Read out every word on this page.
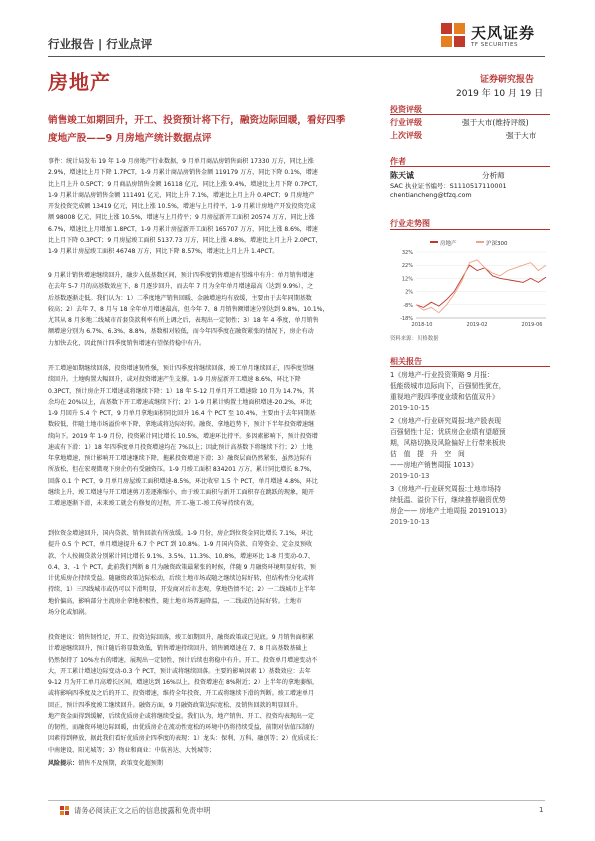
行业报告 | 行业点评
天风证券
TF SECURITIES
房地产	证券研究报告
2019 年 10 月 19 日
销售竣工如期回升，开工、投资预计将下行，融资边际回暖，看好四季
度地产股——9 月房地产统计数据点评
投资评级
行业评级	强于大市(维持评级)
上次评级	强于大市
作者
陈天诚	分析师
SAC 执业证书编号：S1110517110001
chentiancheng@tfzq.com
行业走势图
房地产	沪深300
32%
22%
12%
2%
-8%
-18%
2018-10	2019-02	2019-06
资料来源：贝格数据
相关报告
1《房地产-行业投资策略 9 月报：
低能级城市边际向下，百强韧性犹在，
重视地产股四季度业绩和估值双升》
2019-10-15
2《房地产-行业研究周报:地产股表现
百强韧性十足；优质房企业绩有望超预
期，风格切换及风险偏好上行带来板块
估　值　提　升　空　间
——房地产销售周报 1013》
2019-10-13
3《房地产-行业研究周报:土地市场持
续低温、溢价下行，继续推荐融资优势
房企—— 房地产土地周报 20191013》
2019-10-13
事件：统计局发布 19 年 1-9 月房地产行业数据，9 月单月商品房销售面积 17330 万方，同比上涨
2.9%，增速比上月下降 1.7PCT，1-9 月累计商品房销售金额 119179 万方，同比下降 0.1%，增速
比上月上升 0.5PCT；9 月商品房销售金额 16118 亿元，同比上涨 9.4%，增速比上月下降 0.7PCT，
1-9 月累计商品房销售金额 111491 亿元，同比上升 7.1%，增速比上月上升 0.4PCT；9 月房地产
开发投资完成额 13419 亿元，同比上涨 10.5%，增速与上月持平，1-9 月累计房地产开发投资完成
额 98008 亿元，同比上涨 10.5%，增速与上月持平；9 月房屋新开工面积 20574 万方，同比上涨
6.7%，增速比上月增加 1.8PCT，1-9 月累计房屋新开工面积 165707 万方，同比上涨 8.6%，增速
比上月下降 0.3PCT；9 月房屋竣工面积 5137.73 万方，同比上涨 4.8%，增速比上月上升 2.0PCT，
1-9 月累计房屋竣工面积 46748 万方，同比下降 8.57%，增速比上月上升 1.4PCT。
9 月累计销售增速继续回升，融步入低基数区间，预计四季度销售增速有望维中有升：单月销售增速
在去年 5-7 月的高基数效应下，8 月逐步回升，而去年 7 月为全年单月增速最高（达到 9.9%），之
后基数逐渐走低。我们认为：1）二季度地产销售回暖、金融增速均有放缓，主要由于去年同期基数
较高；2）去年 7、8 月与 18 全年单月增速最高，但今年 7、8 月销售额增速分别达到 9.8%、10.1%，
尤其从 8 月多地二线城市首套贷款利率有所上调之后，表现出一定韧性；3）18 年 4 季度，单月销售
额增速分别为 6.7%、6.3%、8.8%，基数相对较低，而今年四季度在融资紧张的情况下，房企有动
力加快去化，因此预计四季度销售增速有望保持稳中有升。
开工增速如期继续回落，投资增速韧性强，预计四季度将继续回落，竣工单月继续回正，四季度望继
续回升。土地购置大幅回升，或对投资增速产生支撑。1-9 月房屋新开工增速 8.6%，环比下降
0.3PCT，预计房企开工增速或将继续下降：1）18 年 5-12 月单月开工增速除 10 月为 14.7%，其
余均在 20%以上，高基数下开工增速或继续下行；2）1-9 月累计购置土地面积增速-20.2%，环比
1-9 月回升 5.4 个 PCT，9 月单月拿地面积同比回升 16.4 个 PCT 至 10.4%，主要由于去年同期基
数较低，伴随土地市场溢价率下降，拿地或将边际好转。融资、拿地趋势下，预计下半年投资增速继
续向下。2019 年 1-9 月份，投资累计同比增长 10.5%，增速环比持平。多因素影响下，预计投资增
速或有下滑：1）18 年四季度单月投资增速均在 7%以上；因此预计高基数下将继续下行；2）土地
年拿地增速，预计影响开工增速继续下降，拖累投资增速下滑；3）融资层面仍然紧张，虽然边际有
所放松，但在宏观微观下房企仍有受融资压。1-9 月竣工面积 834201 万方，累计同比增长 8.7%，
回落 0.1 个 PCT，9 月单月房屋竣工面积增速-8.5%，环比收窄 1.5 个 PCT，单月增速 4.8%，环比
继续上升，竣工增速与开工增速剪刀差逐渐缩小，由于竣工面积与新开工面积存在跳跃的现象，随开
工增速逐渐下滑，未来竣工就会有修复的过程，开工-施工-竣工传导持续有效。
到位资金增速回升，国内贷款、销售回款有所放缓。1-9 月份，房企到位资金同比增长 7.1%，环比
提升 0.5 个 PCT，单月增速提升 6.7 个 PCT 到 10.8%。1-9 月国内贷款、自筹资金、定金及预收
款、个人按揭贷款分别累计同比增长 9.1%、3.5%、11.3%、10.8%，增速环比 1-8 月变动-0.7、
0.4、3、-1 个 PCT。此前我们判断 8 月为融资政策最紧张的时候，伴随 9 月融资环境明显好转，预
计优质房企持续受益。随融资政策边际松动，后续土地市场或随之继续边际好转，但结构性分化或将
持续，1）三四线城市或仍可以下滑明显，开发商对后市悲观，拿地热情不足；2）一二线城市上半年
地价偏高，影响部分主流房企拿地积极性，随土地市场普遍降温，一二线或仍边际好转。土地市
场分化或加剧。
投资建议：销售韧性足，开工、投资边际回落，竣工如期回升，融资政策或已见底。9 月销售面积累
计增速继续回升，预计随后将显数效低，销售增速持续回升，销售额增速在 7、8 月高基数基础上
仍然保持了 10%左右的增速，展现出一定韧性，预计后续也将稳中有升。开工、投资单月增速变动不
大，开工累计增速边际变动-0.3 个 PCT，预计或将继续回落。主要的影响因素 1）基数效应：去年
9-12 月为开工单月高增长区间，增速达到 16%以上，投资增速在 8%附近；2）上半年的拿地萎缩，
或将影响四季度及之后的开工、投资增速，维持全年投资、开工或将继续下滑的判断。竣工增速单月
回正，预计四季度竣工继续回升。融资方面，9 月融资政策边际宽松、及销售回款的明显回升。
地产资金面得到缓解，后续优质房企或将继续受益。我们认为，地产销售、开工、投资均表现出一定
的韧性，而融资环境边际回暖，由优质房企在流动性宽松的环境中仍将持续受益，前期对估值压制的
因素得到释放，据此我们看好优质房企四季度的表现：1）龙头：保利、万科、融创等；2）优质成长：
中南建设、阳光城等；3）物业和商业：中航善达、大悦城等；
风险提示：销售不及预期，政策变化超预期
请务必阅读正文之后的信息披露和免责申明	1
